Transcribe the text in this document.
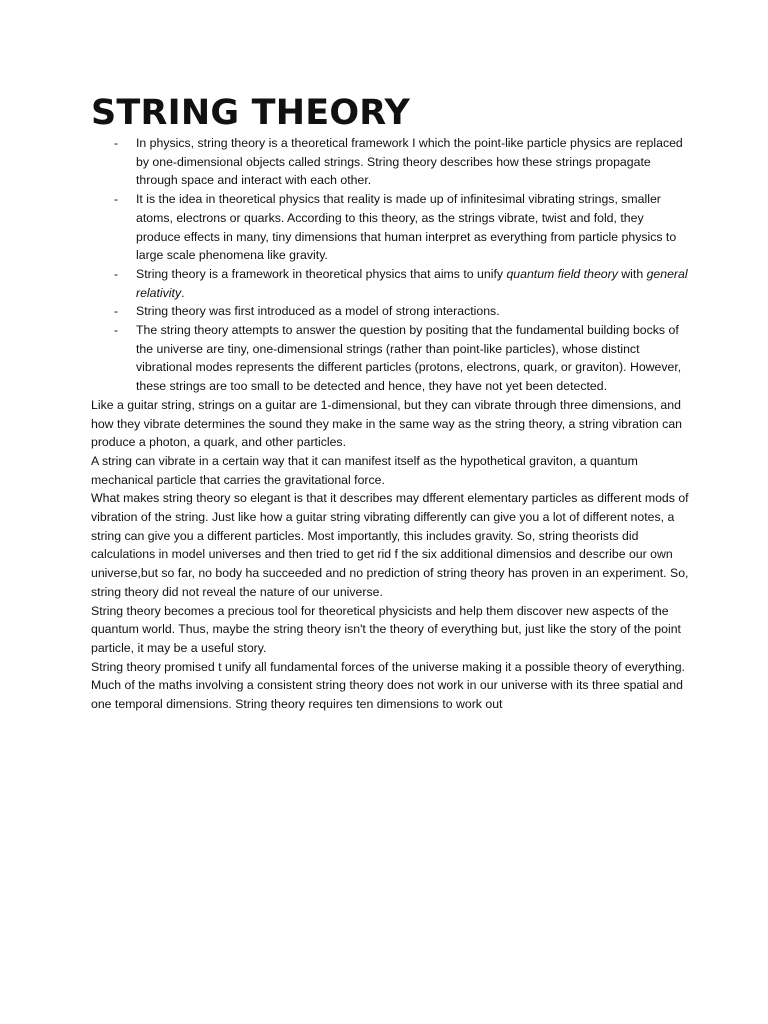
STRING THEORY
- In physics, string theory is a theoretical framework I which the point-like particle physics are replaced by one-dimensional objects called strings. String theory describes how these strings propagate through space and interact with each other.
- It is the idea in theoretical physics that reality is made up of infinitesimal vibrating strings, smaller atoms, electrons or quarks. According to this theory, as the strings vibrate, twist and fold, they produce effects in many, tiny dimensions that human interpret as everything from particle physics to large scale phenomena like gravity.
- String theory is a framework in theoretical physics that aims to unify quantum field theory with general relativity.
- String theory was first introduced as a model of strong interactions.
- The string theory attempts to answer the question by positing that the fundamental building bocks of the universe are tiny, one-dimensional strings (rather than point-like particles), whose distinct vibrational modes represents the different particles (protons, electrons, quark, or graviton). However, these strings are too small to be detected and hence, they have not yet been detected.

Like a guitar string, strings on a guitar are 1-dimensional, but they can vibrate through three dimensions, and how they vibrate determines the sound they make in the same way as the string theory, a string vibration can produce a photon, a quark, and other particles.

A string can vibrate in a certain way that it can manifest itself as the hypothetical graviton, a quantum mechanical particle that carries the gravitational force.

What makes string theory so elegant is that it describes may dfferent elementary particles as different mods of vibration of the string. Just like how a guitar string vibrating differently can give you a lot of different notes, a string can give you a different particles. Most importantly, this includes gravity. So, string theorists did calculations in model universes and then tried to get rid f the six additional dimensios and describe our own universe,but so far, no body ha succeeded and no prediction of string theory has proven in an experiment. So, string theory did not reveal the nature of our universe.

String theory becomes a precious tool for theoretical physicists and help them discover new aspects of the quantum world. Thus, maybe the string theory isn't the theory of everything but, just like the story of the point particle, it may be a useful story.

String theory promised t unify all fundamental forces of the universe making it a possible theory of everything.

Much of the maths involving a consistent string theory does not work in our universe with its three spatial and one temporal dimensions. String theory requires ten dimensions to work out
